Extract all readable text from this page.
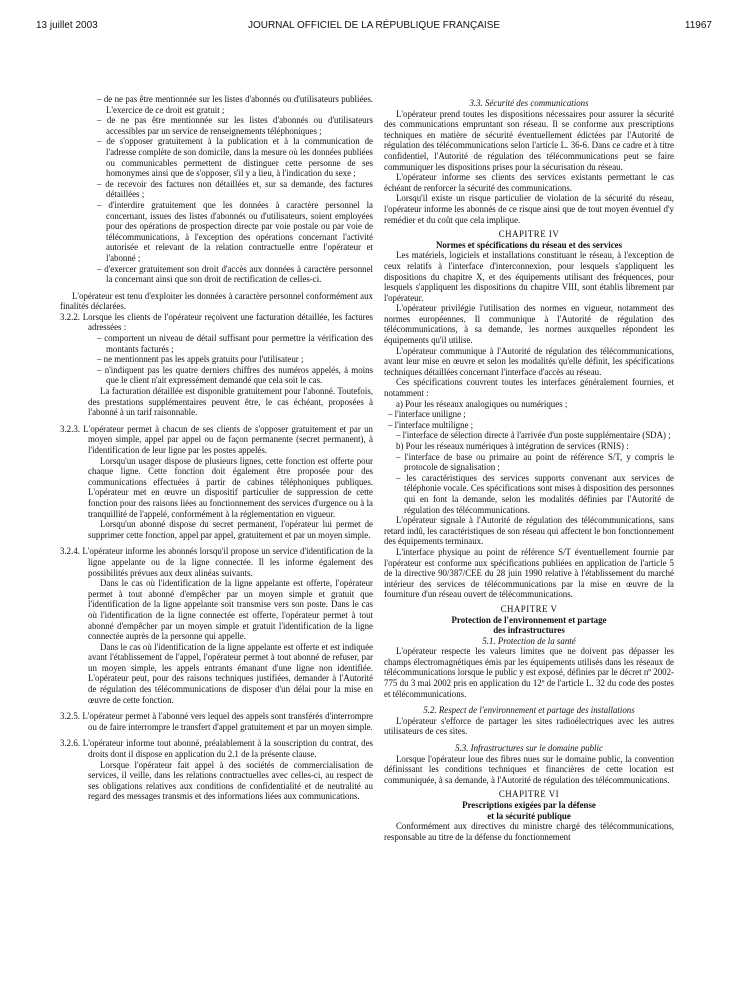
13 juillet 2003	JOURNAL OFFICIEL DE LA RÉPUBLIQUE FRANÇAISE	11967

– de ne pas être mentionnée sur les listes d'abonnés ou d'utilisateurs publiées. L'exercice de ce droit est gratuit ;

– de ne pas être mentionnée sur les listes d'abonnés ou d'utilisateurs accessibles par un service de renseignements téléphoniques ;

– de s'opposer gratuitement à la publication et à la communication de l'adresse complète de son domicile, dans la mesure où les données publiées ou communicables permettent de distinguer cette personne de ses homonymes ainsi que de s'opposer, s'il y a lieu, à l'indication du sexe ;

– de recevoir des factures non détaillées et, sur sa demande, des factures détaillées ;

– d'interdire gratuitement que les données à caractère personnel la concernant, issues des listes d'abonnés ou d'utilisateurs, soient employées pour des opérations de prospection directe par voie postale ou par voie de télécommunications, à l'exception des opérations concernant l'activité autorisée et relevant de la relation contractuelle entre l'opérateur et l'abonné ;

– d'exercer gratuitement son droit d'accès aux données à caractère personnel la concernant ainsi que son droit de rectification de celles-ci.

L'opérateur est tenu d'exploiter les données à caractère personnel conformément aux finalités déclarées.

3.2.2. Lorsque les clients de l'opérateur reçoivent une facturation détaillée, les factures adressées :

– comportent un niveau de détail suffisant pour permettre la vérification des montants facturés ;

– ne mentionnent pas les appels gratuits pour l'utilisateur ;

– n'indiquent pas les quatre derniers chiffres des numéros appelés, à moins que le client n'ait expressément demandé que cela soit le cas.

La facturation détaillée est disponible gratuitement pour l'abonné. Toutefois, des prestations supplémentaires peuvent être, le cas échéant, proposées à l'abonné à un tarif raisonnable.

3.2.3. L'opérateur permet à chacun de ses clients de s'opposer gratuitement et par un moyen simple, appel par appel ou de façon permanente (secret permanent), à l'identification de leur ligne par les postes appelés.

Lorsqu'un usager dispose de plusieurs lignes, cette fonction est offerte pour chaque ligne. Cette fonction doit également être proposée pour des communications effectuées à partir de cabines téléphoniques publiques. L'opérateur met en œuvre un dispositif particulier de suppression de cette fonction pour des raisons liées au fonctionnement des services d'urgence ou à la tranquillité de l'appelé, conformément à la réglementation en vigueur.

Lorsqu'un abonné dispose du secret permanent, l'opérateur lui permet de supprimer cette fonction, appel par appel, gratuitement et par un moyen simple.

3.2.4. L'opérateur informe les abonnés lorsqu'il propose un service d'identification de la ligne appelante ou de la ligne connectée. Il les informe également des possibilités prévues aux deux alinéas suivants.

Dans le cas où l'identification de la ligne appelante est offerte, l'opérateur permet à tout abonné d'empêcher par un moyen simple et gratuit que l'identification de la ligne appelante soit transmise vers son poste. Dans le cas où l'identification de la ligne connectée est offerte, l'opérateur permet à tout abonné d'empêcher par un moyen simple et gratuit l'identification de la ligne connectée auprès de la personne qui appelle.

Dans le cas où l'identification de la ligne appelante est offerte et est indiquée avant l'établissement de l'appel, l'opérateur permet à tout abonné de refuser, par un moyen simple, les appels entrants émanant d'une ligne non identifiée. L'opérateur peut, pour des raisons techniques justifiées, demander à l'Autorité de régulation des télécommunications de disposer d'un délai pour la mise en œuvre de cette fonction.

3.2.5. L'opérateur permet à l'abonné vers lequel des appels sont transférés d'interrompre ou de faire interrompre le transfert d'appel gratuitement et par un moyen simple.

3.2.6. L'opérateur informe tout abonné, préalablement à la souscription du contrat, des droits dont il dispose en application du 2.1 de la présente clause.

Lorsque l'opérateur fait appel à des sociétés de commercialisation de services, il veille, dans les relations contractuelles avec celles-ci, au respect de ses obligations relatives aux conditions de confidentialité et de neutralité au regard des messages transmis et des informations liées aux communications.

3.3. Sécurité des communications

L'opérateur prend toutes les dispositions nécessaires pour assurer la sécurité des communications empruntant son réseau. Il se conforme aux prescriptions techniques en matière de sécurité éventuellement édictées par l'Autorité de régulation des télécommunications selon l'article L. 36-6. Dans ce cadre et à titre confidentiel, l'Autorité de régulation des télécommunications peut se faire communiquer les dispositions prises pour la sécurisation du réseau.

L'opérateur informe ses clients des services existants permettant le cas échéant de renforcer la sécurité des communications.

Lorsqu'il existe un risque particulier de violation de la sécurité du réseau, l'opérateur informe les abonnés de ce risque ainsi que de tout moyen éventuel d'y remédier et du coût que cela implique.

CHAPITRE IV

Normes et spécifications du réseau et des services

Les matériels, logiciels et installations constituant le réseau, à l'exception de ceux relatifs à l'interface d'interconnexion, pour lesquels s'appliquent les dispositions du chapitre X, et des équipements utilisant des fréquences, pour lesquels s'appliquent les dispositions du chapitre VIII, sont établis librement par l'opérateur.

L'opérateur privilégie l'utilisation des normes en vigueur, notamment des normes européennes. Il communique à l'Autorité de régulation des télécommunications, à sa demande, les normes auxquelles répondent les équipements qu'il utilise.

L'opérateur communique à l'Autorité de régulation des télécommunications, avant leur mise en œuvre et selon les modalités qu'elle définit, les spécifications techniques détaillées concernant l'interface d'accès au réseau.

Ces spécifications couvrent toutes les interfaces généralement fournies, et notamment :

a) Pour les réseaux analogiques ou numériques ;

– l'interface uniligne ;

– l'interface multiligne ;

– l'interface de sélection directe à l'arrivée d'un poste supplémentaire (SDA) ;

b) Pour les réseaux numériques à intégration de services (RNIS) :

– l'interface de base ou primaire au point de référence S/T, y compris le protocole de signalisation ;

– les caractéristiques des services supports convenant aux services de téléphonie vocale. Ces spécifications sont mises à disposition des personnes qui en font la demande, selon les modalités définies par l'Autorité de régulation des télécommunications.

L'opérateur signale à l'Autorité de régulation des télécommunications, sans retard indû, les caractéristiques de son réseau qui affectent le bon fonctionnement des équipements terminaux.

L'interface physique au point de référence S/T éventuellement fournie par l'opérateur est conforme aux spécifications publiées en application de l'article 5 de la directive 90/387/CEE du 28 juin 1990 relative à l'établissement du marché intérieur des services de télécommunications par la mise en œuvre de la fourniture d'un réseau ouvert de télécommunications.

CHAPITRE V

Protection de l'environnement et partage

des infrastructures

5.1. Protection de la santé

L'opérateur respecte les valeurs limites que ne doivent pas dépasser les champs électromagnétiques émis par les équipements utilisés dans les réseaux de télécommunications lorsque le public y est exposé, définies par le décret nº 2002-775 du 3 mai 2002 pris en application du 12º de l'article L. 32 du code des postes et télécommunications.

5.2. Respect de l'environnement et partage des installations

L'opérateur s'efforce de partager les sites radioélectriques avec les autres utilisateurs de ces sites.

5.3. Infrastructures sur le domaine public

Lorsque l'opérateur loue des fibres nues sur le domaine public, la convention définissant les conditions techniques et financières de cette location est communiquée, à sa demande, à l'Autorité de régulation des télécommunications.

CHAPITRE VI

Prescriptions exigées par la défense

et la sécurité publique

Conformément aux directives du ministre chargé des télécommunications, responsable au titre de la défense du fonctionnement
